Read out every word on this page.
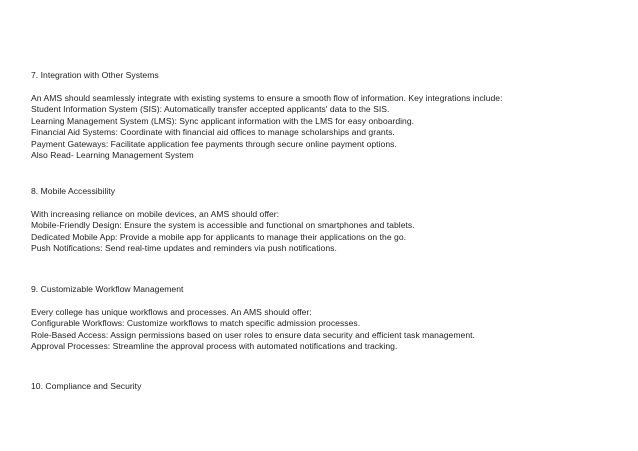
7. Integration with Other Systems
An AMS should seamlessly integrate with existing systems to ensure a smooth flow of information. Key integrations include:
Student Information System (SIS): Automatically transfer accepted applicants' data to the SIS.
Learning Management System (LMS): Sync applicant information with the LMS for easy onboarding.
Financial Aid Systems: Coordinate with financial aid offices to manage scholarships and grants.
Payment Gateways: Facilitate application fee payments through secure online payment options.
Also Read- Learning Management System
8. Mobile Accessibility
With increasing reliance on mobile devices, an AMS should offer:
Mobile-Friendly Design: Ensure the system is accessible and functional on smartphones and tablets.
Dedicated Mobile App: Provide a mobile app for applicants to manage their applications on the go.
Push Notifications: Send real-time updates and reminders via push notifications.
9. Customizable Workflow Management
Every college has unique workflows and processes. An AMS should offer:
Configurable Workflows: Customize workflows to match specific admission processes.
Role-Based Access: Assign permissions based on user roles to ensure data security and efficient task management.
Approval Processes: Streamline the approval process with automated notifications and tracking.
10. Compliance and Security
